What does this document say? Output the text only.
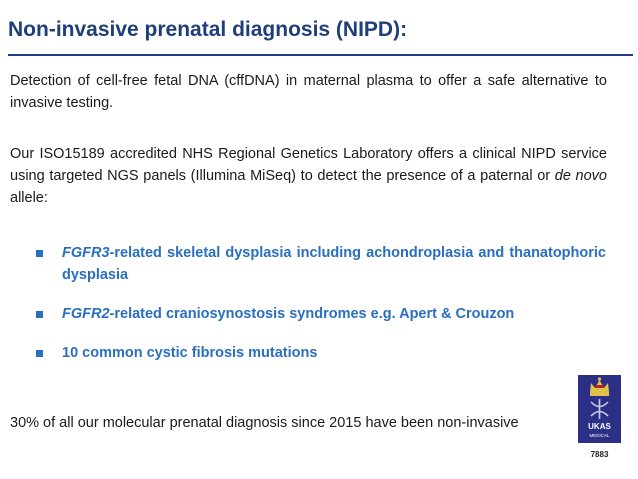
Non-invasive prenatal diagnosis (NIPD):
Detection of cell-free fetal DNA (cffDNA) in maternal plasma to offer a safe alternative to invasive testing.
Our ISO15189 accredited NHS Regional Genetics Laboratory offers a clinical NIPD service using targeted NGS panels (Illumina MiSeq) to detect the presence of a paternal or de novo allele:
FGFR3-related skeletal dysplasia including achondroplasia and thanatophoric dysplasia
FGFR2-related craniosynostosis syndromes e.g. Apert & Crouzon
10 common cystic fibrosis mutations
30% of all our molecular prenatal diagnosis since 2015 have been non-invasive	UKAS
MEDICAL
7883
